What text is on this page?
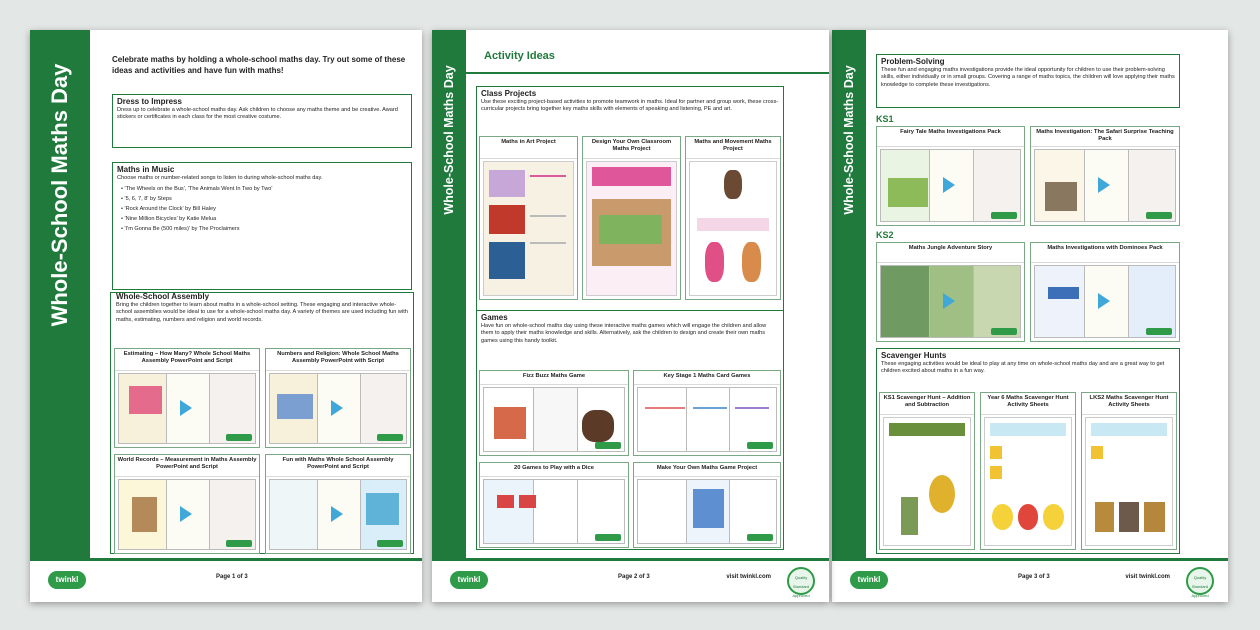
Whole-School Maths Day
Celebrate maths by holding a whole-school maths day. Try out some of these ideas and activities and have fun with maths!
Dress to Impress
Dress up to celebrate a whole-school maths day. Ask children to choose any maths theme and be creative. Award stickers or certificates in each class for the most creative costume.
Maths in Music
Choose maths or number-related songs to listen to during whole-school maths day.
• 'The Wheels on the Bus', 'The Animals Went In Two by Two'
• '5, 6, 7, 8' by Steps
• 'Rock Around the Clock' by Bill Haley
• 'Nine Million Bicycles' by Katie Melua
• 'I'm Gonna Be (500 miles)' by The Proclaimers
Whole-School Assembly
Bring the children together to learn about maths in a whole-school setting. These engaging and interactive whole-school assemblies would be ideal to use for a whole-school maths day. A variety of themes are used including fun with maths, estimating, numbers and religion and world records.
Estimating – How Many? Whole School Maths Assembly PowerPoint and Script
Numbers and Religion: Whole School Maths Assembly PowerPoint with Script
World Records – Measurement in Maths Assembly PowerPoint and Script
Fun with Maths Whole School Assembly PowerPoint and Script
twinkl	Page 1 of 3
Whole-School Maths Day
Activity Ideas
Class Projects
Use these exciting project-based activities to promote teamwork in maths. Ideal for partner and group work, these cross-curricular projects bring together key maths skills with elements of speaking and listening, PE and art.
Maths in Art Project	Design Your Own Classroom Maths Project
Maths and Movement Maths Project
Games
Have fun on whole-school maths day using these interactive maths games which will engage the children and allow them to apply their maths knowledge and skills. Alternatively, ask the children to design and create their own maths games using this handy toolkit.
Fizz Buzz Maths Game	Key Stage 1 Maths Card Games
20 Games to Play with a Dice	Make Your Own Maths Game Project
twinkl	Page 2 of 3	visit twinkl.com	Quality Standard Approved
Whole-School Maths Day
Problem-Solving
These fun and engaging maths investigations provide the ideal opportunity for children to use their problem-solving skills, either individually or in small groups. Covering a range of maths topics, the children will love applying their maths knowledge to complete these investigations.
KS1
Fairy Tale Maths Investigations Pack	Maths Investigation: The Safari Surprise Teaching Pack
KS2
Maths Jungle Adventure Story	Maths Investigations with Dominoes Pack
Scavenger Hunts
These engaging activities would be ideal to play at any time on whole-school maths day and are a great way to get children excited about maths in a fun way.
KS1 Scavenger Hunt – Addition and Subtraction
Year 6 Maths Scavenger Hunt Activity Sheets
LKS2 Maths Scavenger Hunt Activity Sheets
twinkl	Page 3 of 3	visit twinkl.com	Quality Standard Approved
